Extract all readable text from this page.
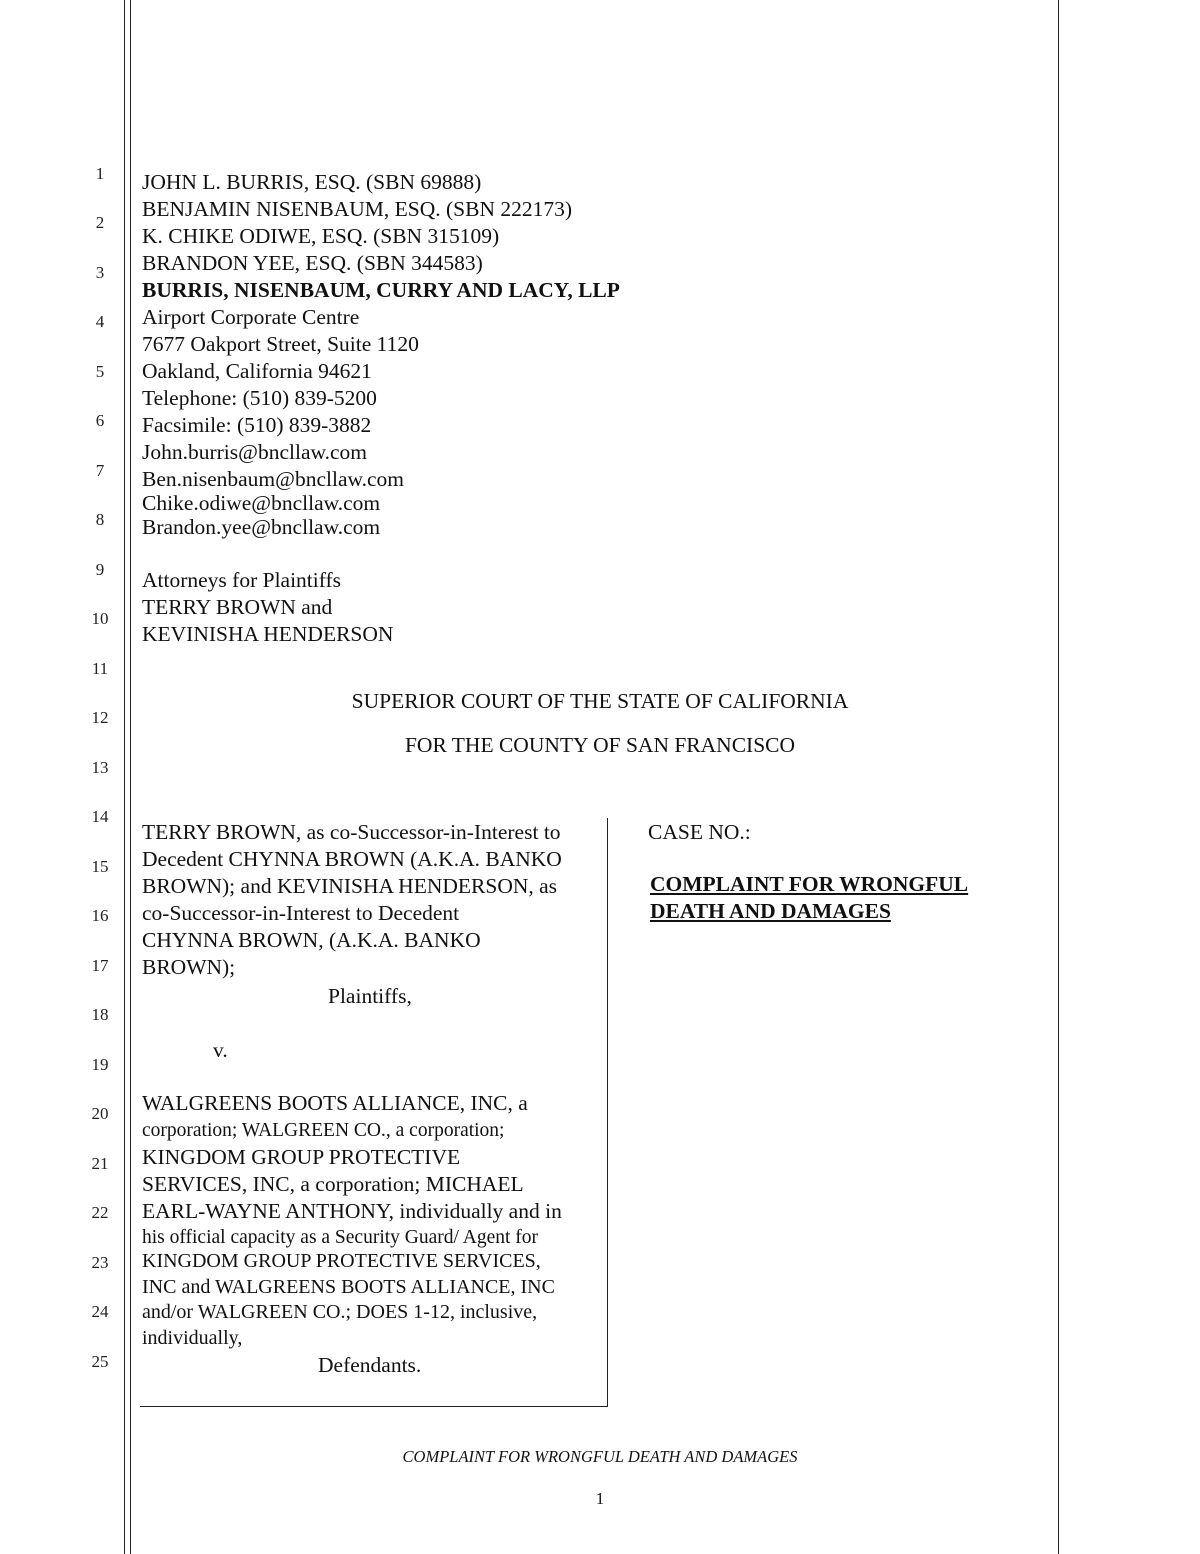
1
2
3
4
5
6
7
8
9
10
11
12
13
14
15
16
17
18
19
20
21
22
23
24
25
JOHN L. BURRIS, ESQ. (SBN 69888)
BENJAMIN NISENBAUM, ESQ. (SBN 222173)
K. CHIKE ODIWE, ESQ. (SBN 315109)
BRANDON YEE, ESQ. (SBN 344583)
BURRIS, NISENBAUM, CURRY AND LACY, LLP
Airport Corporate Centre
7677 Oakport Street, Suite 1120
Oakland, California 94621
Telephone: (510) 839-5200
Facsimile: (510) 839-3882
John.burris@bncllaw.com
Ben.nisenbaum@bncllaw.com
Chike.odiwe@bncllaw.com
Brandon.yee@bncllaw.com
Attorneys for Plaintiffs
TERRY BROWN and
KEVINISHA HENDERSON
SUPERIOR COURT OF THE STATE OF CALIFORNIA
FOR THE COUNTY OF SAN FRANCISCO
TERRY BROWN, as co-Successor-in-Interest to
Decedent CHYNNA BROWN (A.K.A. BANKO
BROWN); and KEVINISHA HENDERSON, as
co-Successor-in-Interest to Decedent
CHYNNA BROWN, (A.K.A. BANKO
BROWN);
Plaintiffs,
v.
WALGREENS BOOTS ALLIANCE, INC, a
corporation; WALGREEN CO., a corporation;
KINGDOM GROUP PROTECTIVE
SERVICES, INC, a corporation; MICHAEL
EARL-WAYNE ANTHONY, individually and in
his official capacity as a Security Guard/ Agent for
KINGDOM GROUP PROTECTIVE SERVICES,
INC and WALGREENS BOOTS ALLIANCE, INC
and/or WALGREEN CO.; DOES 1-12, inclusive,
individually,
Defendants.
CASE NO.:
COMPLAINT FOR WRONGFUL
DEATH AND DAMAGES
COMPLAINT FOR WRONGFUL DEATH AND DAMAGES
1
